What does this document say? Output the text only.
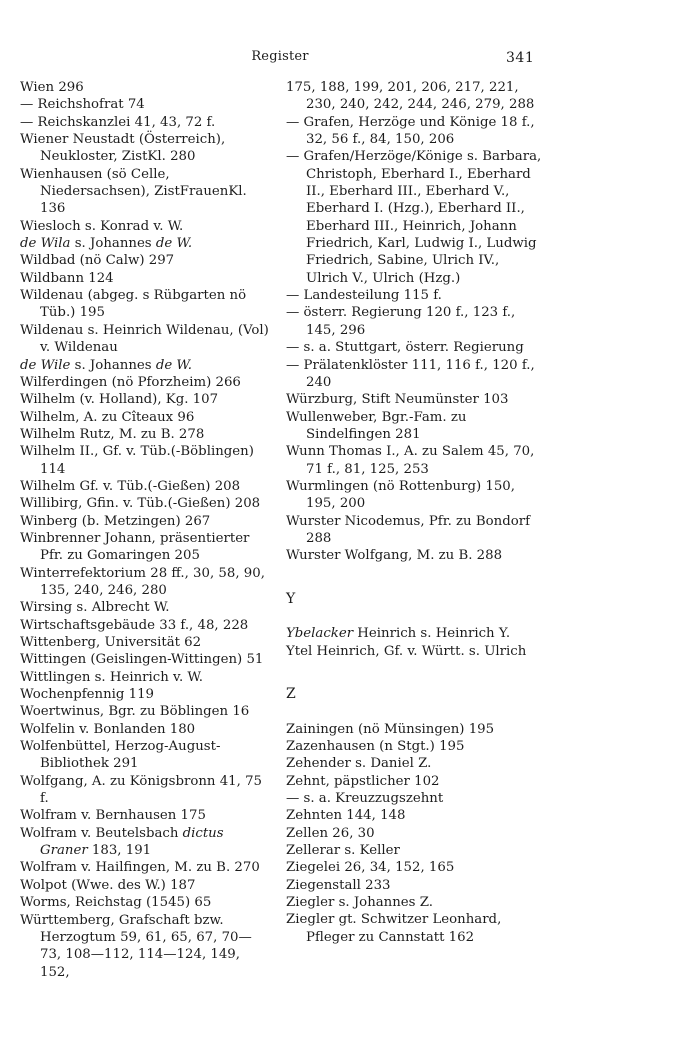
Register	341

Wien 296

— Reichshofrat 74

— Reichskanzlei 41, 43, 72 f.

Wiener Neustadt (Österreich), Neukloster, ZistKl. 280

Wienhausen (sö Celle, Niedersachsen), ZistFrauenKl. 136

Wiesloch s. Konrad v. W.

de Wila s. Johannes de W.

Wildbad (nö Calw) 297

Wildbann 124

Wildenau (abgeg. s Rübgarten nö Tüb.) 195

Wildenau s. Heinrich Wildenau, (Vol) v. Wildenau

de Wile s. Johannes de W.

Wilferdingen (nö Pforzheim) 266

Wilhelm (v. Holland), Kg. 107

Wilhelm, A. zu Cîteaux 96

Wilhelm Rutz, M. zu B. 278

Wilhelm II., Gf. v. Tüb.(-Böblingen) 114

Wilhelm Gf. v. Tüb.(-Gießen) 208

Willibirg, Gfin. v. Tüb.(-Gießen) 208

Winberg (b. Metzingen) 267

Winbrenner Johann, präsentierter Pfr. zu Gomaringen 205

Winterrefektorium 28 ff., 30, 58, 90, 135, 240, 246, 280

Wirsing s. Albrecht W.

Wirtschaftsgebäude 33 f., 48, 228

Wittenberg, Universität 62

Wittingen (Geislingen-Wittingen) 51

Wittlingen s. Heinrich v. W.

Wochenpfennig 119

Woertwinus, Bgr. zu Böblingen 16

Wolfelin v. Bonlanden 180

Wolfenbüttel, Herzog-August-Bibliothek 291

Wolfgang, A. zu Königsbronn 41, 75 f.

Wolfram v. Bernhausen 175

Wolfram v. Beutelsbach dictus Graner 183, 191

Wolfram v. Hailfingen, M. zu B. 270

Wolpot (Wwe. des W.) 187

Worms, Reichstag (1545) 65

Württemberg, Grafschaft bzw. Herzogtum 59, 61, 65, 67, 70—73, 108—112, 114—124, 149, 152,

175, 188, 199, 201, 206, 217, 221, 230, 240, 242, 244, 246, 279, 288

— Grafen, Herzöge und Könige 18 f., 32, 56 f., 84, 150, 206

— Grafen/Herzöge/Könige s. Barbara, Christoph, Eberhard I., Eberhard II., Eberhard III., Eberhard V., Eberhard I. (Hzg.), Eberhard II., Eberhard III., Heinrich, Johann Friedrich, Karl, Ludwig I., Ludwig Friedrich, Sabine, Ulrich IV., Ulrich V., Ulrich (Hzg.)

— Landesteilung 115 f.

— österr. Regierung 120 f., 123 f., 145, 296

— s. a. Stuttgart, österr. Regierung

— Prälatenklöster 111, 116 f., 120 f., 240

Würzburg, Stift Neumünster 103

Wullenweber, Bgr.-Fam. zu Sindelfingen 281

Wunn Thomas I., A. zu Salem 45, 70, 71 f., 81, 125, 253

Wurmlingen (nö Rottenburg) 150, 195, 200

Wurster Nicodemus, Pfr. zu Bondorf 288

Wurster Wolfgang, M. zu B. 288

Y

Ybelacker Heinrich s. Heinrich Y.

Ytel Heinrich, Gf. v. Württ. s. Ulrich

Z

Zainingen (nö Münsingen) 195

Zazenhausen (n Stgt.) 195

Zehender s. Daniel Z.

Zehnt, päpstlicher 102

— s. a. Kreuzzugszehnt

Zehnten 144, 148

Zellen 26, 30

Zellerar s. Keller

Ziegelei 26, 34, 152, 165

Ziegenstall 233

Ziegler s. Johannes Z.

Ziegler gt. Schwitzer Leonhard, Pfleger zu Cannstatt 162
